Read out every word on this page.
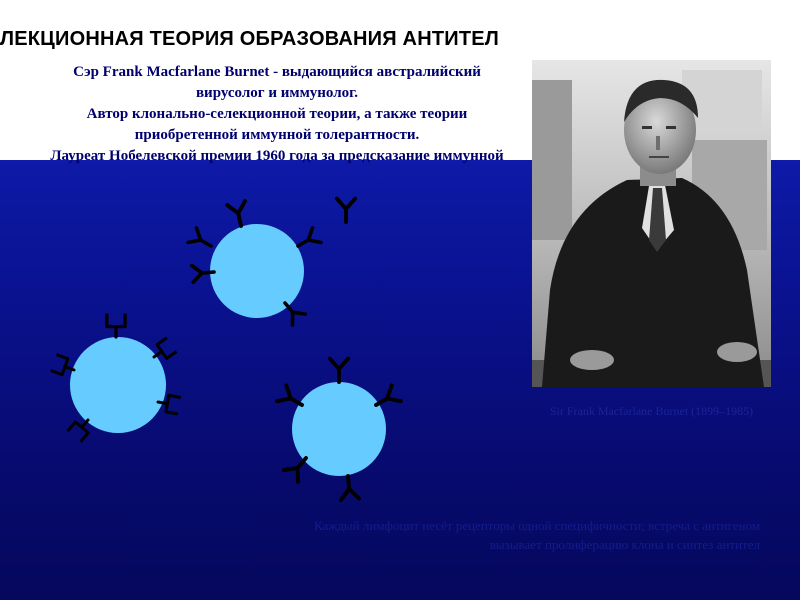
ЛЕКЦИОННАЯ ТЕОРИЯ ОБРАЗОВАНИЯ АНТИТЕЛ
Сэр Frank Macfarlane Burnet - выдающийся австралийский
вирусолог и иммунолог.
Автор клонально-селекционной теории, а также теории
приобретенной иммунной толерантности.
Лауреат Нобелевской премии 1960 года за предсказание иммунной
Sir Frank Macfarlane Burnet (1899–1985)
Каждый лимфоцит несёт рецепторы одной специфичности; встреча с антигеном вызывает пролиферацию клона и синтез антител
